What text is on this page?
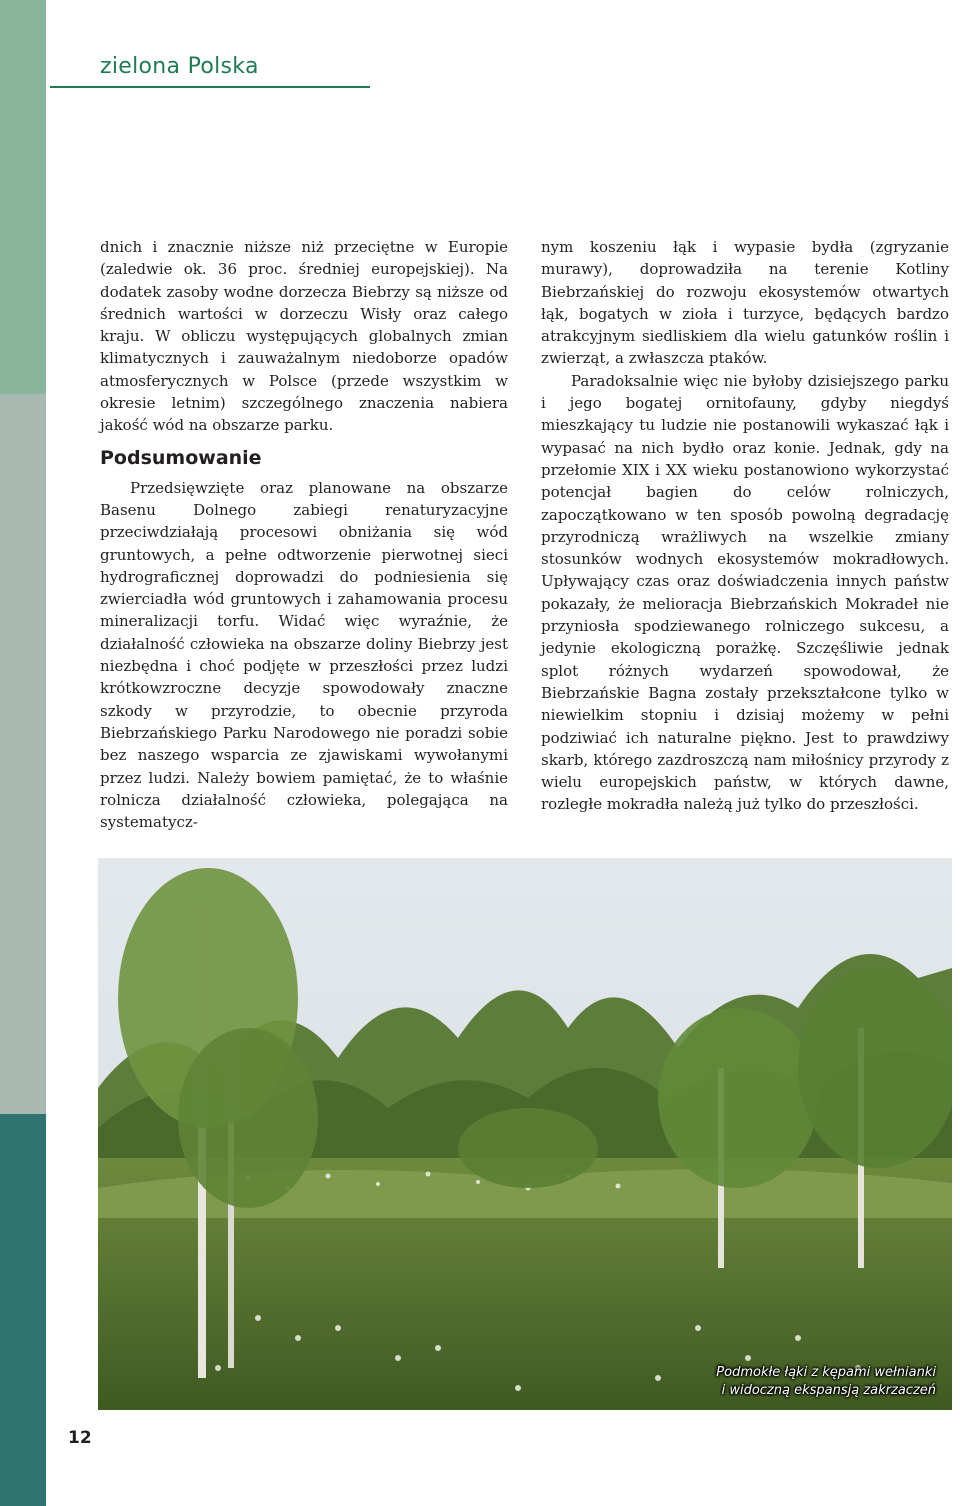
zielona Polska

dnich i znacznie niższe niż przeciętne w Europie (zaledwie ok. 36 proc. średniej europejskiej). Na dodatek zasoby wodne dorzecza Biebrzy są niższe od średnich wartości w dorzeczu Wisły oraz całego kraju. W obliczu występujących globalnych zmian klimatycznych i zauważalnym niedoborze opadów atmosferycznych w Polsce (przede wszystkim w okresie letnim) szczególnego znaczenia nabiera jakość wód na obszarze parku.

Podsumowanie

Przedsięwzięte oraz planowane na obszarze Basenu Dolnego zabiegi renaturyzacyjne przeciwdziałają procesowi obniżania się wód gruntowych, a pełne odtworzenie pierwotnej sieci hydrograficznej doprowadzi do podniesienia się zwierciadła wód gruntowych i zahamowania procesu mineralizacji torfu. Widać więc wyraźnie, że działalność człowieka na obszarze doliny Biebrzy jest niezbędna i choć podjęte w przeszłości przez ludzi krótkowzroczne decyzje spowodowały znaczne szkody w przyrodzie, to obecnie przyroda Biebrzańskiego Parku Narodowego nie poradzi sobie bez naszego wsparcia ze zjawiskami wywołanymi przez ludzi. Należy bowiem pamiętać, że to właśnie rolnicza działalność człowieka, polegająca na systematycz-

nym koszeniu łąk i wypasie bydła (zgryzanie murawy), doprowadziła na terenie Kotliny Biebrzańskiej do rozwoju ekosystemów otwartych łąk, bogatych w zioła i turzyce, będących bardzo atrakcyjnym siedliskiem dla wielu gatunków roślin i zwierząt, a zwłaszcza ptaków.

Paradoksalnie więc nie byłoby dzisiejszego parku i jego bogatej ornitofauny, gdyby niegdyś mieszkający tu ludzie nie postanowili wykaszać łąk i wypasać na nich bydło oraz konie. Jednak, gdy na przełomie XIX i XX wieku postanowiono wykorzystać potencjał bagien do celów rolniczych, zapoczątkowano w ten sposób powolną degradację przyrodniczą wrażliwych na wszelkie zmiany stosunków wodnych ekosystemów mokradłowych. Upływający czas oraz doświadczenia innych państw pokazały, że melioracja Biebrzańskich Mokradeł nie przyniosła spodziewanego rolniczego sukcesu, a jedynie ekologiczną porażkę. Szczęśliwie jednak splot różnych wydarzeń spowodował, że Biebrzańskie Bagna zostały przekształcone tylko w niewielkim stopniu i dzisiaj możemy w pełni podziwiać ich naturalne piękno. Jest to prawdziwy skarb, którego zazdroszczą nam miłośnicy przyrody z wielu europejskich państw, w których dawne, rozległe mokradła należą już tylko do przeszłości.

Podmokłe łąki z kępami wełnianki
i widoczną ekspansją zakrzaczeń
12
